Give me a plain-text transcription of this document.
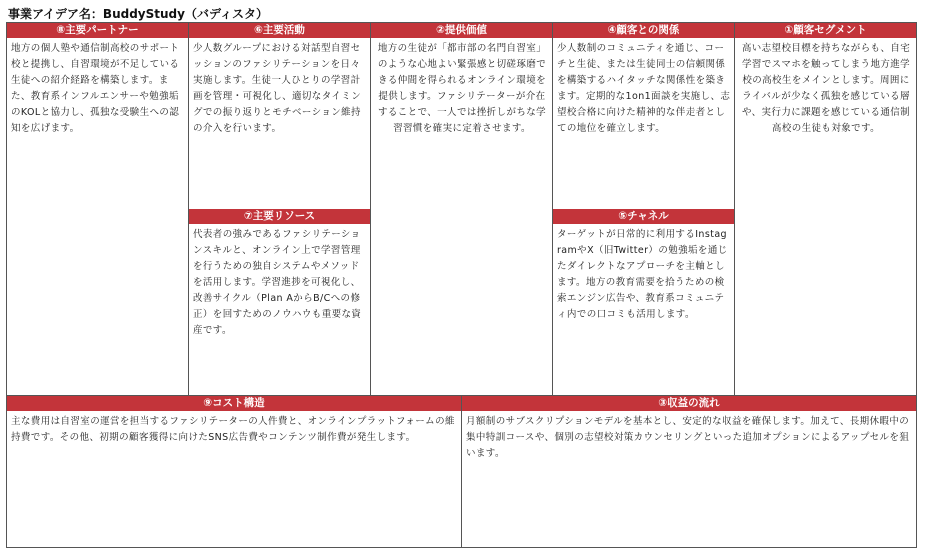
事業アイデア名：BuddyStudy（バディスタ）
⑧主要パートナー
地方の個人塾や通信制高校のサポート校と提携し、自習環境が不足している生徒への紹介経路を構築します。また、教育系インフルエンサーや勉強垢のKOLと協力し、孤独な受験生への認知を広げます。
⑥主要活動
少人数グループにおける対話型自習セッションのファシリテーションを日々実施します。生徒一人ひとりの学習計画を管理・可視化し、適切なタイミングでの振り返りとモチベーション維持の介入を行います。
⑦主要リソース
代表者の強みであるファシリテーションスキルと、オンライン上で学習管理を行うための独自システムやメソッドを活用します。学習進捗を可視化し、改善サイクル（Plan AからB/Cへの修正）を回すためのノウハウも重要な資産です。
②提供価値
地方の生徒が「都市部の名門自習室」のような心地よい緊張感と切磋琢磨できる仲間を得られるオンライン環境を提供します。ファシリテーターが介在することで、一人では挫折しがちな学習習慣を確実に定着させます。
④顧客との関係
少人数制のコミュニティを通じ、コーチと生徒、または生徒同士の信頼関係を構築するハイタッチな関係性を築きます。定期的な1on1面談を実施し、志望校合格に向けた精神的な伴走者としての地位を確立します。
⑤チャネル
ターゲットが日常的に利用するInstagramやX（旧Twitter）の勉強垢を通じたダイレクトなアプローチを主軸とします。地方の教育需要を拾うための検索エンジン広告や、教育系コミュニティ内での口コミも活用します。
①顧客セグメント
高い志望校目標を持ちながらも、自宅学習でスマホを触ってしまう地方進学校の高校生をメインとします。周囲にライバルが少なく孤独を感じている層や、実行力に課題を感じている通信制高校の生徒も対象です。
⑨コスト構造
主な費用は自習室の運営を担当するファシリテーターの人件費と、オンラインプラットフォームの維持費です。その他、初期の顧客獲得に向けたSNS広告費やコンテンツ制作費が発生します。
③収益の流れ
月額制のサブスクリプションモデルを基本とし、安定的な収益を確保します。加えて、長期休暇中の集中特訓コースや、個別の志望校対策カウンセリングといった追加オプションによるアップセルを狙います。
